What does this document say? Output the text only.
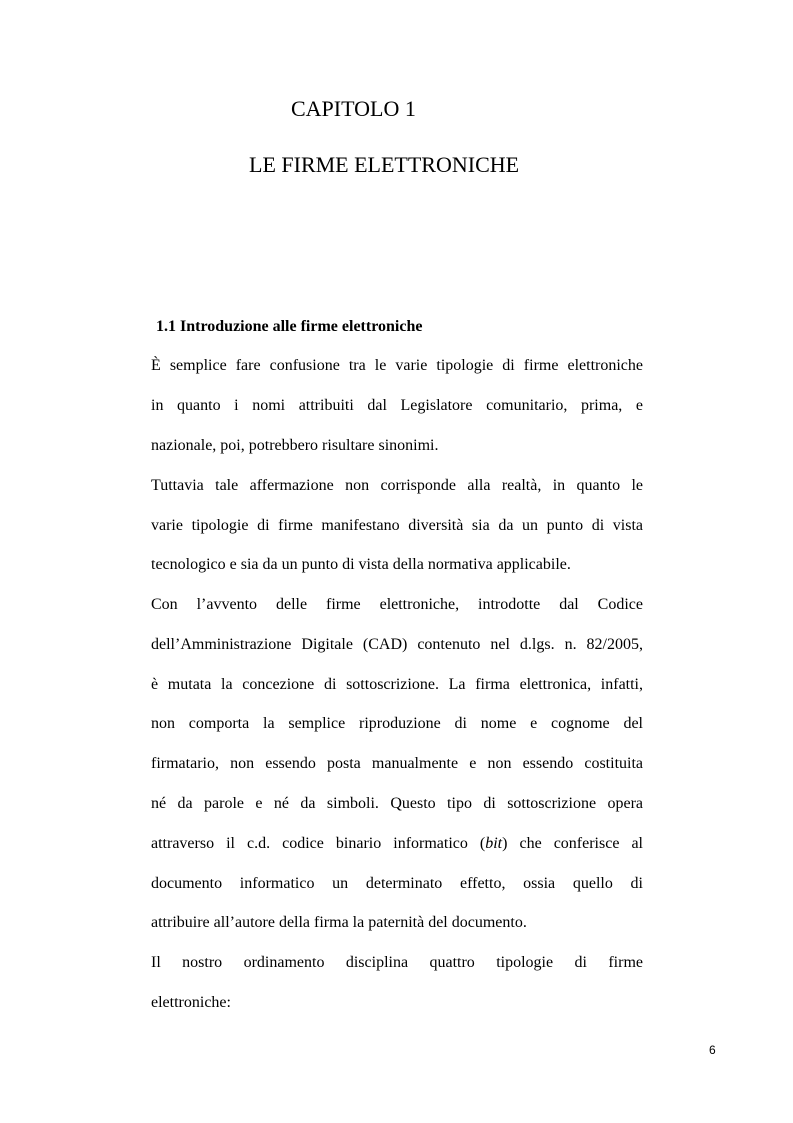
CAPITOLO 1
LE FIRME ELETTRONICHE
1.1 Introduzione alle firme elettroniche
È semplice fare confusione tra le varie tipologie di firme elettroniche
in quanto i nomi attribuiti dal Legislatore comunitario, prima, e
nazionale, poi, potrebbero risultare sinonimi.
Tuttavia tale affermazione non corrisponde alla realtà, in quanto le
varie tipologie di firme manifestano diversità sia da un punto di vista
tecnologico e sia da un punto di vista della normativa applicabile.
Con l’avvento delle firme elettroniche, introdotte dal Codice
dell’Amministrazione Digitale (CAD) contenuto nel d.lgs. n. 82/2005,
è mutata la concezione di sottoscrizione. La firma elettronica, infatti,
non comporta la semplice riproduzione di nome e cognome del
firmatario, non essendo posta manualmente e non essendo costituita
né da parole e né da simboli. Questo tipo di sottoscrizione opera
attraverso il c.d. codice binario informatico (bit) che conferisce al
documento informatico un determinato effetto, ossia quello di
attribuire all’autore della firma la paternità del documento.
Il nostro ordinamento disciplina quattro tipologie di firme
elettroniche:
6
